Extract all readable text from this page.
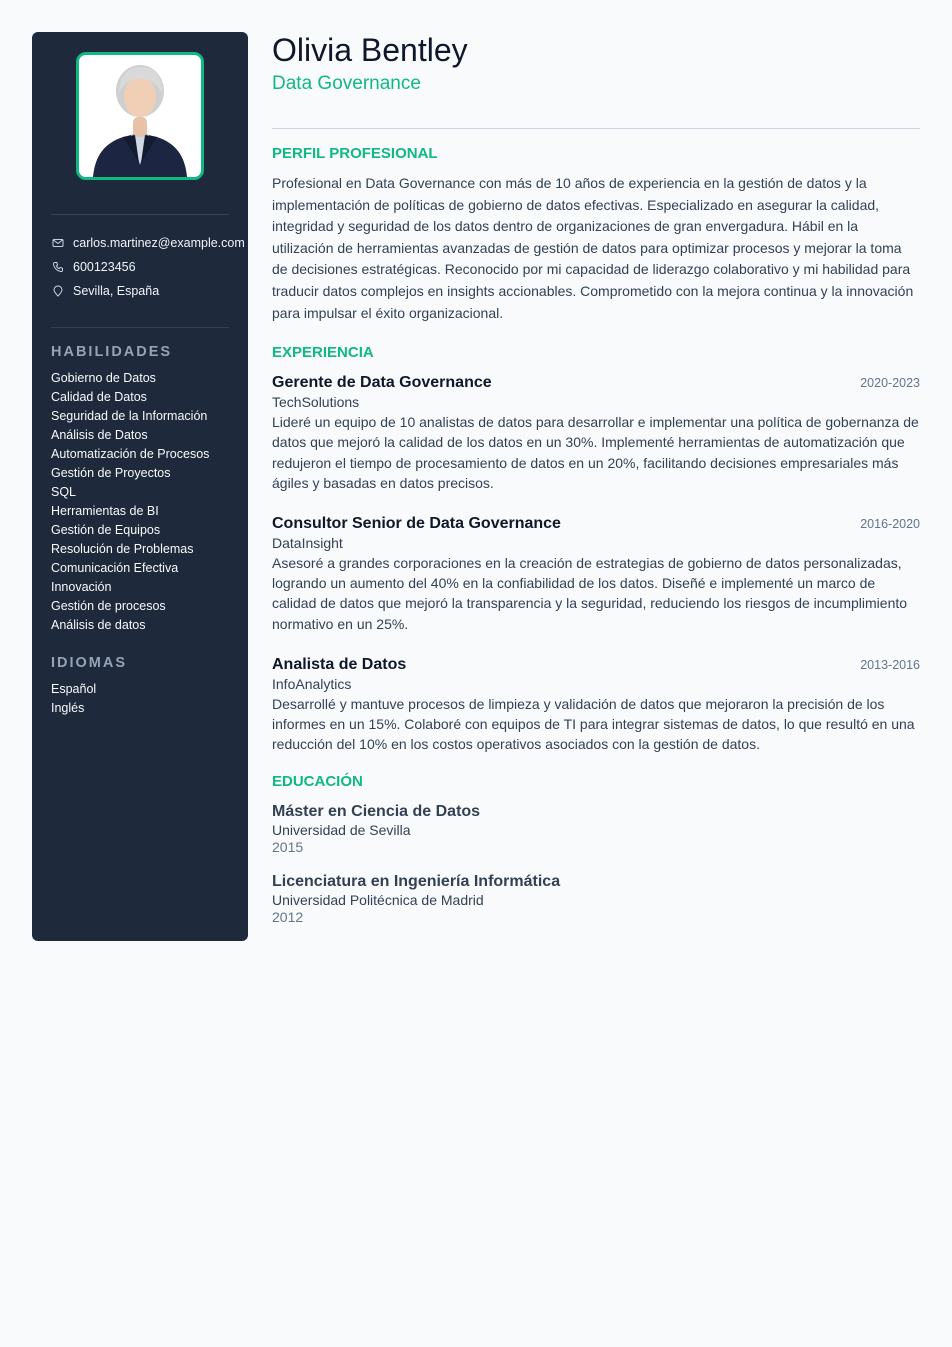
carlos.martinez@example.com
600123456
Sevilla, España
HABILIDADES
Gobierno de Datos
Calidad de Datos
Seguridad de la Información
Análisis de Datos
Automatización de Procesos
Gestión de Proyectos
SQL
Herramientas de BI
Gestión de Equipos
Resolución de Problemas
Comunicación Efectiva
Innovación
Gestión de procesos
Análisis de datos
IDIOMAS
Español
Inglés
Olivia Bentley
Data Governance
PERFIL PROFESIONAL

Profesional en Data Governance con más de 10 años de experiencia en la gestión de datos y la implementación de políticas de gobierno de datos efectivas. Especializado en asegurar la calidad, integridad y seguridad de los datos dentro de organizaciones de gran envergadura. Hábil en la utilización de herramientas avanzadas de gestión de datos para optimizar procesos y mejorar la toma de decisiones estratégicas. Reconocido por mi capacidad de liderazgo colaborativo y mi habilidad para traducir datos complejos en insights accionables. Comprometido con la mejora continua y la innovación para impulsar el éxito organizacional.

EXPERIENCIA
Gerente de Data Governance	2020-2023
TechSolutions

Lideré un equipo de 10 analistas de datos para desarrollar e implementar una política de gobernanza de datos que mejoró la calidad de los datos en un 30%. Implementé herramientas de automatización que redujeron el tiempo de procesamiento de datos en un 20%, facilitando decisiones empresariales más ágiles y basadas en datos precisos.

Consultor Senior de Data Governance	2016-2020
DataInsight

Asesoré a grandes corporaciones en la creación de estrategias de gobierno de datos personalizadas, logrando un aumento del 40% en la confiabilidad de los datos. Diseñé e implementé un marco de calidad de datos que mejoró la transparencia y la seguridad, reduciendo los riesgos de incumplimiento normativo en un 25%.

Analista de Datos	2013-2016
InfoAnalytics

Desarrollé y mantuve procesos de limpieza y validación de datos que mejoraron la precisión de los informes en un 15%. Colaboré con equipos de TI para integrar sistemas de datos, lo que resultó en una reducción del 10% en los costos operativos asociados con la gestión de datos.

EDUCACIÓN
Máster en Ciencia de Datos
Universidad de Sevilla
2015
Licenciatura en Ingeniería Informática
Universidad Politécnica de Madrid
2012
